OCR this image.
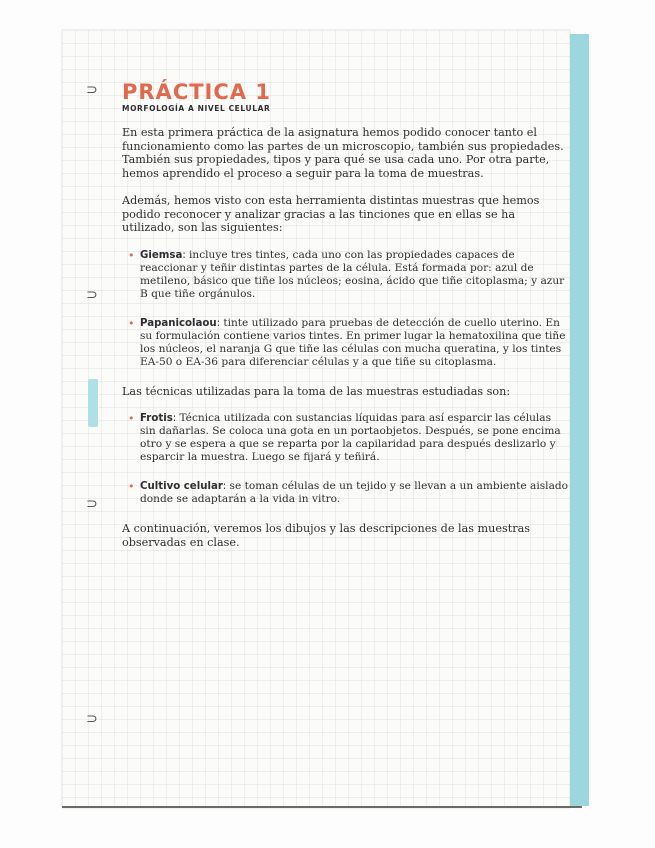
⊃
⊃
⊃
⊃
PRÁCTICA 1
MORFOLOGÍA A NIVEL CELULAR

En esta primera práctica de la asignatura hemos podido conocer tanto el funcionamiento como las partes de un microscopio, también sus propiedades. También sus propiedades, tipos y para qué se usa cada uno. Por otra parte, hemos aprendido el proceso a seguir para la toma de muestras.

Además, hemos visto con esta herramienta distintas muestras que hemos podido reconocer y analizar gracias a las tinciones que en ellas se ha utilizado, son las siguientes:

• Giemsa: incluye tres tintes, cada uno con las propiedades capaces de reaccionar y teñir distintas partes de la célula. Está formada por: azul de metileno, básico que tiñe los núcleos; eosina, ácido que tiñe citoplasma; y azur B que tiñe orgánulos.
• Papanicolaou: tinte utilizado para pruebas de detección de cuello uterino. En su formulación contiene varios tintes. En primer lugar la hematoxilina que tiñe los núcleos, el naranja G que tiñe las células con mucha queratina, y los tintes EA-50 o EA-36 para diferenciar células y a que tiñe su citoplasma.

Las técnicas utilizadas para la toma de las muestras estudiadas son:

• Frotis: Técnica utilizada con sustancias líquidas para así esparcir las células sin dañarlas. Se coloca una gota en un portaobjetos. Después, se pone encima otro y se espera a que se reparta por la capilaridad para después deslizarlo y esparcir la muestra. Luego se fijará y teñirá.
• Cultivo celular: se toman células de un tejido y se llevan a un ambiente aislado donde se adaptarán a la vida in vitro.

A continuación, veremos los dibujos y las descripciones de las muestras observadas en clase.
